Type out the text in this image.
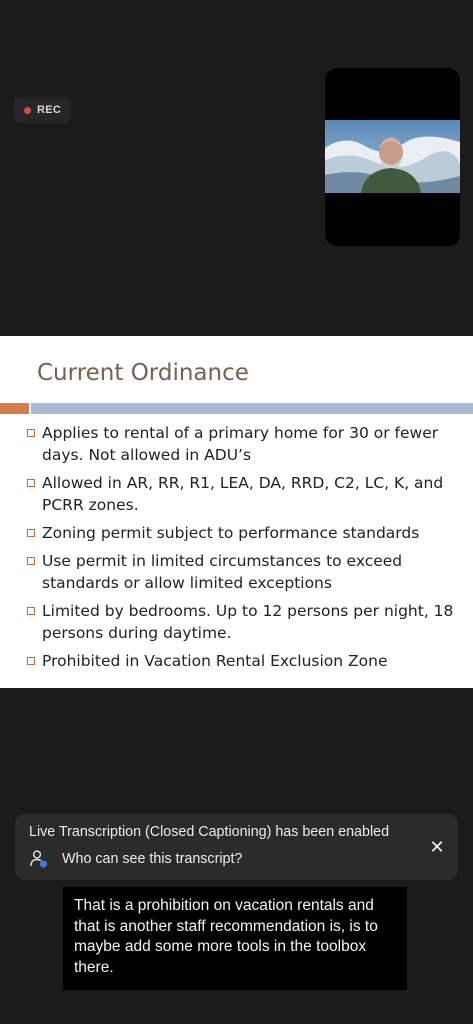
REC
Current Ordinance
Applies to rental of a primary home for 30 or fewer days. Not allowed in ADU’s
Allowed in AR, RR, R1, LEA, DA, RRD, C2, LC, K, and PCRR zones.
Zoning permit subject to performance standards
Use permit in limited circumstances to exceed standards or allow limited exceptions
Limited by bedrooms. Up to 12 persons per night, 18 persons during daytime.
Prohibited in Vacation Rental Exclusion Zone
Live Transcription (Closed Captioning) has been enabled
Who can see this transcript?
✕

That is a prohibition on vacation rentals and that is another staff recommendation is, is to maybe add some more tools in the toolbox there.
